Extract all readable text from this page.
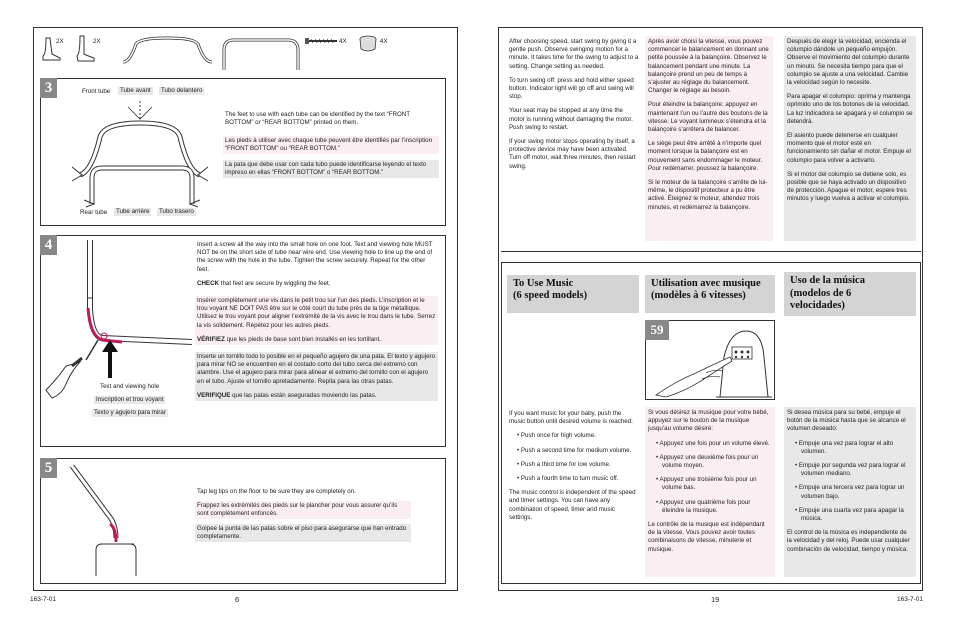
2X	2X	4X	4X
3	Front tube	Tube avant	Tubo delantero
Rear tube	Tube arrière	Tubo trasero
The feet to use with each tube can be identified by the text “FRONT BOTTOM” or “REAR BOTTOM” printed on them.
Les pieds à utiliser avec chaque tube peuvent être identifiés par l’inscription “FRONT BOTTOM” ou “REAR BOTTOM.”
La pata que debe usar con cada tubo puede identificarse leyendo el texto impreso en ellas “FRONT BOTTOM” o “REAR BOTTOM.”
4
Text and viewing hole
Inscription et trou voyant
Texto y agujero para mirar
Insert a screw all the way into the small hole on one foot. Text and viewing hole MUST NOT be on the short side of tube near wire end. Use viewing hole to line up the end of the screw with the hole in the tube. Tighten the screw securely. Repeat for the other feet.
CHECK that feet are secure by wiggling the feet.
Insérer complètement une vis dans le petit trou sur l’un des pieds. L’inscription et le trou voyant NE DOIT PAS être sur le côté court du tube près de la tige métallique. Utilisez le trou voyant pour aligner l’extrémité de la vis avec le trou dans le tube. Serrez la vis solidement. Répétez pour les autres pieds.
VÉRIFIEZ que les pieds de base sont bien installés en les tortillant.
Inserte un tornillo todo lo posible en el pequeño agujero de una pata. El texto y agujero para mirar NO se encuentren en el costado corto del tubo cerca del extremo con alambre. Use el agujero para mirar para alinear el extremo del tornillo con el agujero en el tubo. Ajuste el tornillo apretadamente. Repita para las otras patas.
VERIFIQUE que las patas están aseguradas moviendo las patas.
5
Tap leg tips on the floor to be sure they are completely on.
Frappez les extrémités des pieds sur le plancher pour vous assurer qu’ils sont complètement enfoncés.
Golpee la punta de las patas sobre el piso para asegurarse que han entrado completamente.
163-7-01	6
After choosing speed, start swing by giving it a gentle push. Observe swinging motion for a minute. It takes time for the swing to adjust to a setting. Change setting as needed.
To turn swing off: press and hold either speed button. Indicator light will go off and swing will stop.
Your seat may be stopped at any time the motor is running without damaging the motor. Push swing to restart.
If your swing motor stops operating by itself, a protective device may have been activated. Turn off motor, wait three minutes, then restart swing.
Après avoir choisi la vitesse, vous pouvez commencer le balancement en donnant une petite poussée à la balançoire. Observez le balancement pendant une minute. La balançoire prend un peu de temps à s’ajuster au réglage du balancement. Changer le réglage au besoin.
Pour éteindre la balançoire: appuyez en maintenant l’un ou l’autre des boutons de la vitesse. Le voyant lumineux s’éteindra et la balançoire s’arrêtera de balancer.
Le siège peut être arrêté à n’importe quel moment lorsque la balançoire est en mouvement sans endommager le moteur. Pour redémarrer, poussez la balançoire.
Si le moteur de la balançoire s’arrête de lui-même, le dispositif protecteur a pu être activé. Éteignez le moteur, attendez trois minutes, et redémarrez la balançoire.
Después de elegir la velocidad, encienda el columpio dándole un pequeño empujón. Observe el movimiento del columpio durante un minuto. Se necesita tiempo para que el columpio se ajuste a una velocidad. Cambie la velocidad según lo necesite.
Para apagar el columpio: oprima y mantenga oprimido uno de los botones de la velocidad. La luz indicadora se apagará y el columpio se detendrá.
El asiento puede detenerse en cualquier momento que el motor esté en funcionamiento sin dañar el motor. Empuje el columpio para volver a activarlo.
Si el motor del columpio se detiene solo, es posible que se haya activado un dispositivo de protección. Apague el motor, espere tres minutos y luego vuelva a activar el columpio.
To Use Music
(6 speed models)
Utilisation avec musique
(modèles à 6 vitesses)
Uso de la música
(modelos de 6
velocidades)
59
If you want music for your baby, push the music button until desired volume is reached:
• Push once for high volume.
• Push a second time for medium volume.
• Push a third time for low volume.
• Push a fourth time to turn music off.
The music control is independent of the speed and timer settings. You can have any combination of speed, timer and music settings.
Si vous désirez la musique pour votre bébé, appuyez sur le bouton de la musique jusqu’au volume désiré:
• Appuyez une fois pour un volume élevé.
• Appuyez une deuxième fois pour un volume moyen.
• Appuyez une troisième fois pour un volume bas.
• Appuyez une quatrième fois pour éteindre la musique.
Le contrôle de la musique est indépendant de la vitesse. Vous pouvez avoir toutes combinaisons de vitesse, minuterie et musique.
Si desea música para su bebé, empuje el botón de la música hasta que se alcance el volumen deseado:
• Empuje una vez para lograr el alto volumen.
• Empuje por segunda vez para lograr el volumen mediano.
• Empuje una tercera vez para lograr un volumen bajo.
• Empuje una cuarta vez para apagar la música.
El control de la música es independiente de la velocidad y del reloj. Puede usar cualquier combinación de velocidad, tiempo y música.
19	163-7-01
